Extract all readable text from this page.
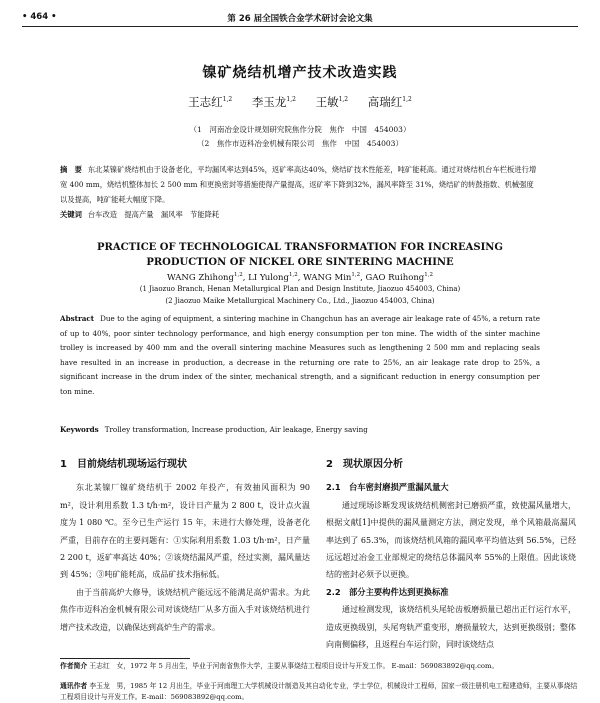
• 464 •	第 26 届全国铁合金学术研讨会论文集
镍矿烧结机增产技术改造实践
王志红$^{1,2}$ 李玉龙$^{1,2}$ 王敏$^{1,2}$ 高瑞红$^{1,2}$
（1　河南冶金设计规划研究院焦作分院　焦作　中国　454003）
（2　焦作市迈科冶金机械有限公司　焦作　中国　454003）
摘　要 东北某镍矿烧结机由于设备老化，平均漏风率达到45%，返矿率高达40%，烧结矿技术性能差，吨矿能耗高。通过对烧结机台车栏板进行增宽 400 mm，烧结机整体加长 2 500 mm 和更换密封等措施使得产量提高，返矿率下降到32%，漏风率降至 31%，烧结矿的转鼓指数、机械强度以及提高，吨矿能耗大幅度下降。
关键词 台车改造　提高产量　漏风率　节能降耗
PRACTICE OF TECHNOLOGICAL TRANSFORMATION FOR INCREASING
PRODUCTION OF NICKEL ORE SINTERING MACHINE
WANG Zhihong$^{1,2}$, LI Yulong$^{1,2}$, WANG Min$^{1,2}$, GAO Ruihong$^{1,2}$
(1 Jiaozuo Branch, Henan Metallurgical Plan and Design Institute, Jiaozuo 454003, China)
(2 Jiaozuo Maike Metallurgical Machinery Co., Ltd., Jiaozuo 454003, China)
Abstract Due to the aging of equipment, a sintering machine in Changchun has an average air leakage rate of 45%, a return rate of up to 40%, poor sinter technology performance, and high energy consumption per ton mine. The width of the sinter machine trolley is increased by 400 mm and the overall sintering machine Measures such as lengthening 2 500 mm and replacing seals have resulted in an increase in production, a decrease in the returning ore rate to 25%, an air leakage rate drop to 25%, a significant increase in the drum index of the sinter, mechanical strength, and a significant reduction in energy consumption per ton mine.
Keywords Trolley transformation, Increase production, Air leakage, Energy saving
1　目前烧结机现场运行现状

东北某镍厂镍矿烧结机于 2002 年投产，有效抽风面积为 90 m²，设计利用系数 1.3 t/h·m²，设计日产量为 2 800 t，设计点火温度为 1 080 ℃。至今已生产运行 15 年，未进行大修处理，设备老化严重，目前存在的主要问题有：①实际利用系数 1.03 t/h·m²，日产量 2 200 t，返矿率高达 40%；②该烧结漏风严重，经过实测，漏风量达到 45%；③吨矿能耗高，成品矿技术指标低。

由于当前高炉大修导，该烧结机产能远远不能满足高炉需求。为此焦作市迈科冶金机械有限公司对该烧结厂从多方面入手对该烧结机进行增产技术改造，以确保达到高炉生产的需求。

2　现状原因分析
2.1　台车密封磨损严重漏风量大

通过现场诊断发现该烧结机侧密封已磨损严重，致使漏风量增大，根据文献[1]中提供的漏风量测定方法，测定发现，单个风箱最高漏风率达到了 65.3%，而该烧结机风箱的漏风率平均值达到 56.5%，已经远远超过冶金工业部规定的烧结总体漏风率 55%的上限值。因此该烧结的密封必须予以更换。

2.2　部分主要构件达到更换标准

通过检测发现，该烧结机头尾轮齿板磨损量已超出正行运行水平，造成更换级别，头尾弯轨严重变形，磨损量较大，达到更换级别；整体向南侧偏移，且返程台车运行阶，同时该烧结点

作者简介 王志红　女，1972 年 5 月出生，毕业于河南省焦作大学，主要从事烧结工程项目设计与开发工作。 E-mail：569083892@qq.com。
通讯作者 李玉龙　男，1985 年 12 月出生，毕业于河南理工大学机械设计制造及其自动化专业，学士学位，机械设计工程师，国家一级注册机电工程建造师，主要从事烧结工程项目设计与开发工作。E-mail：569083892@qq.com。
